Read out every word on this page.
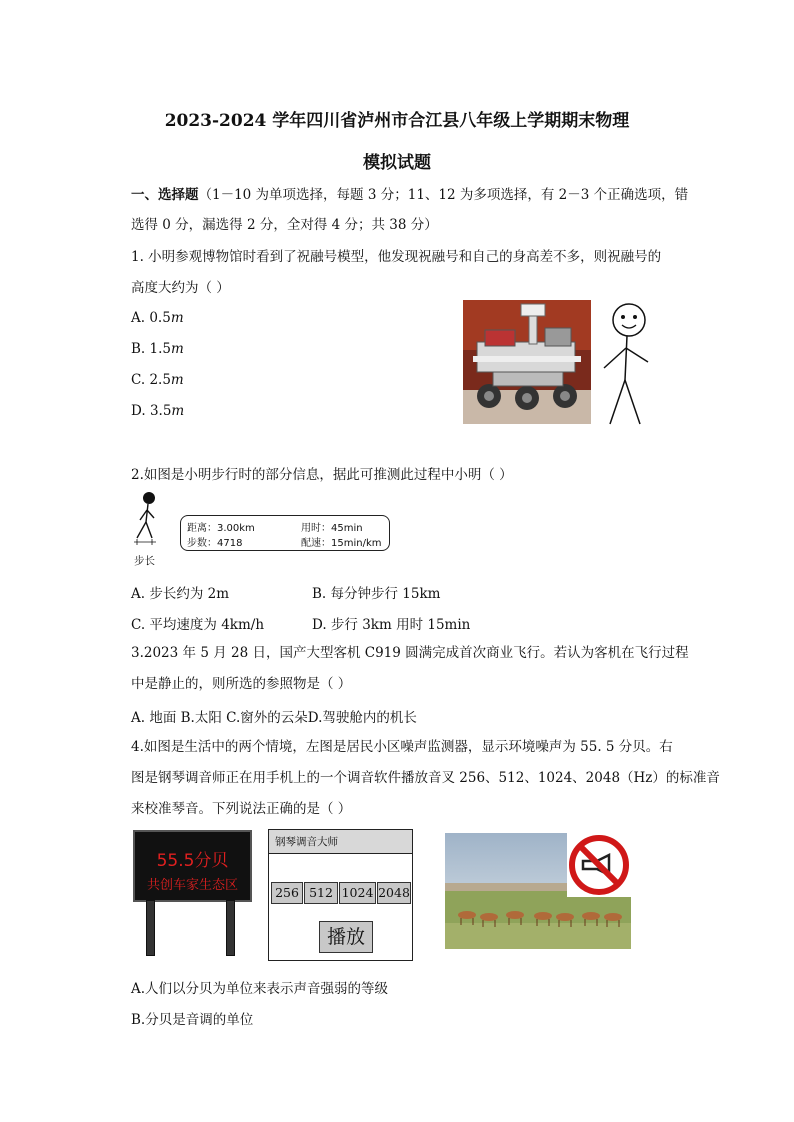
2023-2024 学年四川省泸州市合江县八年级上学期期末物理
模拟试题
一、选择题（1－10 为单项选择，每题 3 分；11、12 为多项选择，有 2－3 个正确选项，错
选得 0 分，漏选得 2 分，全对得 4 分；共 38 分）
1. 小明参观博物馆时看到了祝融号模型，他发现祝融号和自己的身高差不多，则祝融号的
高度大约为（ ）
A. 0.5m
B. 1.5m
C. 2.5m
D. 3.5m
2.如图是小明步行时的部分信息，据此可推测此过程中小明（ ）
步长
距离：3.00km	用时：45min
步数：4718	配速：15min/km
A. 步长约为 2m	B. 每分钟步行 15km
C. 平均速度为 4km/h	D. 步行 3km 用时 15min
3.2023 年 5 月 28 日，国产大型客机 C919 圆满完成首次商业飞行。若认为客机在飞行过程
中是静止的，则所选的参照物是（ ）
A. 地面 B.太阳 C.窗外的云朵D.驾驶舱内的机长
4.如图是生活中的两个情境，左图是居民小区噪声监测器，显示环境噪声为 55. 5 分贝。右
图是钢琴调音师正在用手机上的一个调音软件播放音叉 256、512、1024、2048（Hz）的标准音
来校准琴音。下列说法正确的是（ ）
55.5分贝
共创车家生态区
钢琴调音大师
256 512 1024 2048
播放
A.人们以分贝为单位来表示声音强弱的等级
B.分贝是音调的单位
